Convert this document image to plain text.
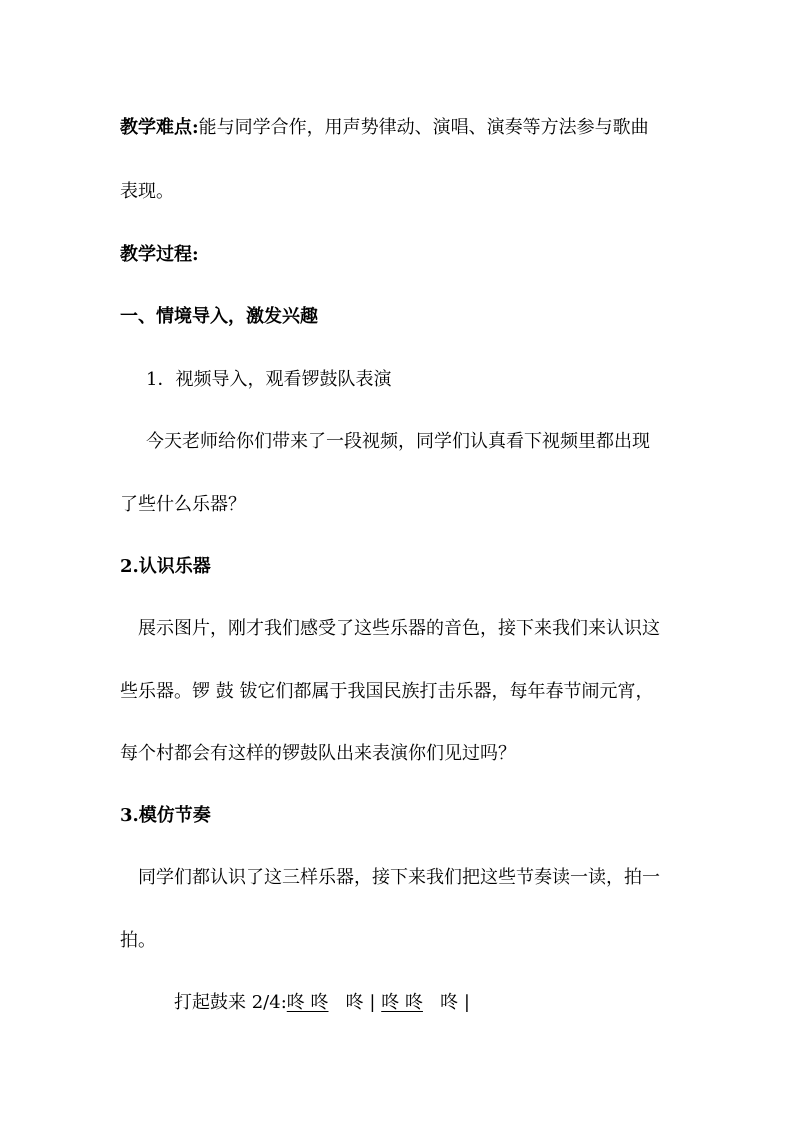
教学难点:能与同学合作，用声势律动、演唱、演奏等方法参与歌曲
表现。
教学过程:
一、情境导入，激发兴趣
1．视频导入，观看锣鼓队表演
今天老师给你们带来了一段视频，同学们认真看下视频里都出现
了些什么乐器？
2.认识乐器
展示图片，刚才我们感受了这些乐器的音色，接下来我们来认识这
些乐器。锣 鼓 钹它们都属于我国民族打击乐器，每年春节闹元宵，
每个村都会有这样的锣鼓队出来表演你们见过吗？
3.模仿节奏
同学们都认识了这三样乐器，接下来我们把这些节奏读一读，拍一
拍。
打起鼓来 2/4:咚 咚 咚 | 咚 咚 咚 |
